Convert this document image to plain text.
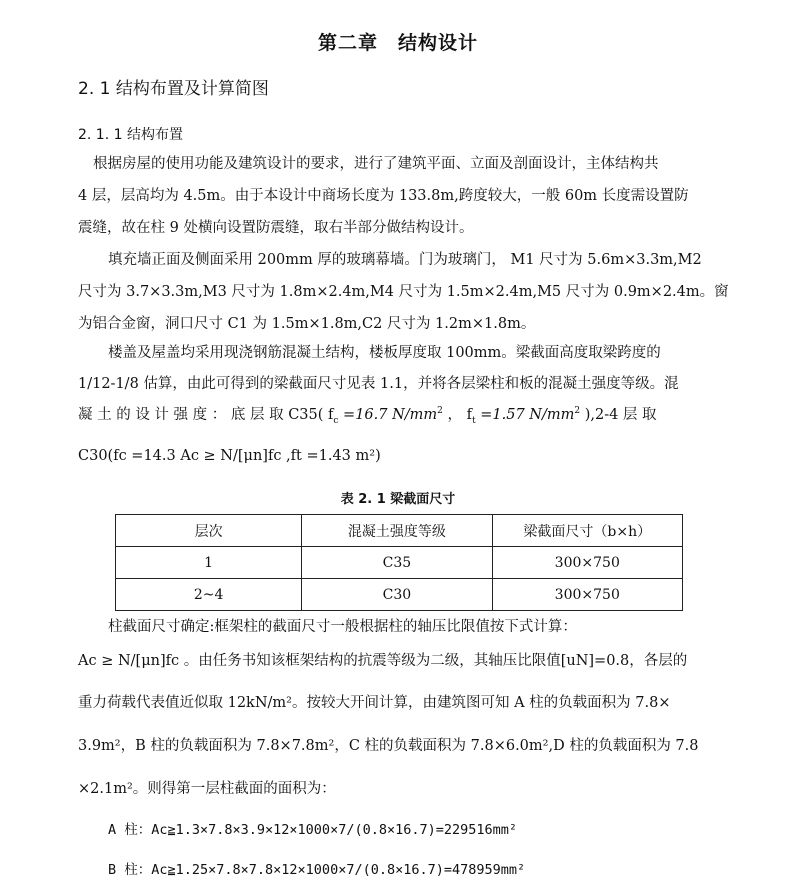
第二章　结构设计
2. 1 结构布置及计算简图
2. 1. 1 结构布置
根据房屋的使用功能及建筑设计的要求，进行了建筑平面、立面及剖面设计，主体结构共
4 层，层高均为 4.5m。由于本设计中商场长度为 133.8m,跨度较大，一般 60m 长度需设置防
震缝，故在柱 9 处横向设置防震缝，取右半部分做结构设计。
填充墙正面及侧面采用 200mm 厚的玻璃幕墙。门为玻璃门， M1 尺寸为 5.6m×3.3m,M2
尺寸为 3.7×3.3m,M3 尺寸为 1.8m×2.4m,M4 尺寸为 1.5m×2.4m,M5 尺寸为 0.9m×2.4m。窗
为铝合金窗，洞口尺寸 C1 为 1.5m×1.8m,C2 尺寸为 1.2m×1.8m。
楼盖及屋盖均采用现浇钢筋混凝土结构，楼板厚度取 100mm。梁截面高度取梁跨度的
1/12-1/8 估算，由此可得到的梁截面尺寸见表 1.1，并将各层梁柱和板的混凝土强度等级。混
凝 土 的 设 计 强 度 ： 底 层 取 C35( $f_c =16.7$ $N/mm^2$ ， $f_t =1.57$ $N/mm^2$ ),2-4 层 取
C30(fc =14.3 Ac ≥ N/[μn]fc ,ft =1.43 m²)
表 2. 1 梁截面尺寸
层次	混凝土强度等级	梁截面尺寸（b×h）
1	C35	300×750
2~4	C30	300×750
柱截面尺寸确定:框架柱的截面尺寸一般根据柱的轴压比限值按下式计算：
Ac ≥ N/[μn]fc 。由任务书知该框架结构的抗震等级为二级，其轴压比限值[uN]=0.8，各层的
重力荷载代表值近似取 12kN/m²。按较大开间计算，由建筑图可知 A 柱的负载面积为 7.8×
3.9m²，B 柱的负载面积为 7.8×7.8m²，C 柱的负载面积为 7.8×6.0m²,D 柱的负载面积为 7.8
×2.1m²。则得第一层柱截面的面积为：
A 柱：Ac≧1.3×7.8×3.9×12×1000×7/(0.8×16.7)=229516mm²
B 柱：Ac≧1.25×7.8×7.8×12×1000×7/(0.8×16.7)=478959mm²
